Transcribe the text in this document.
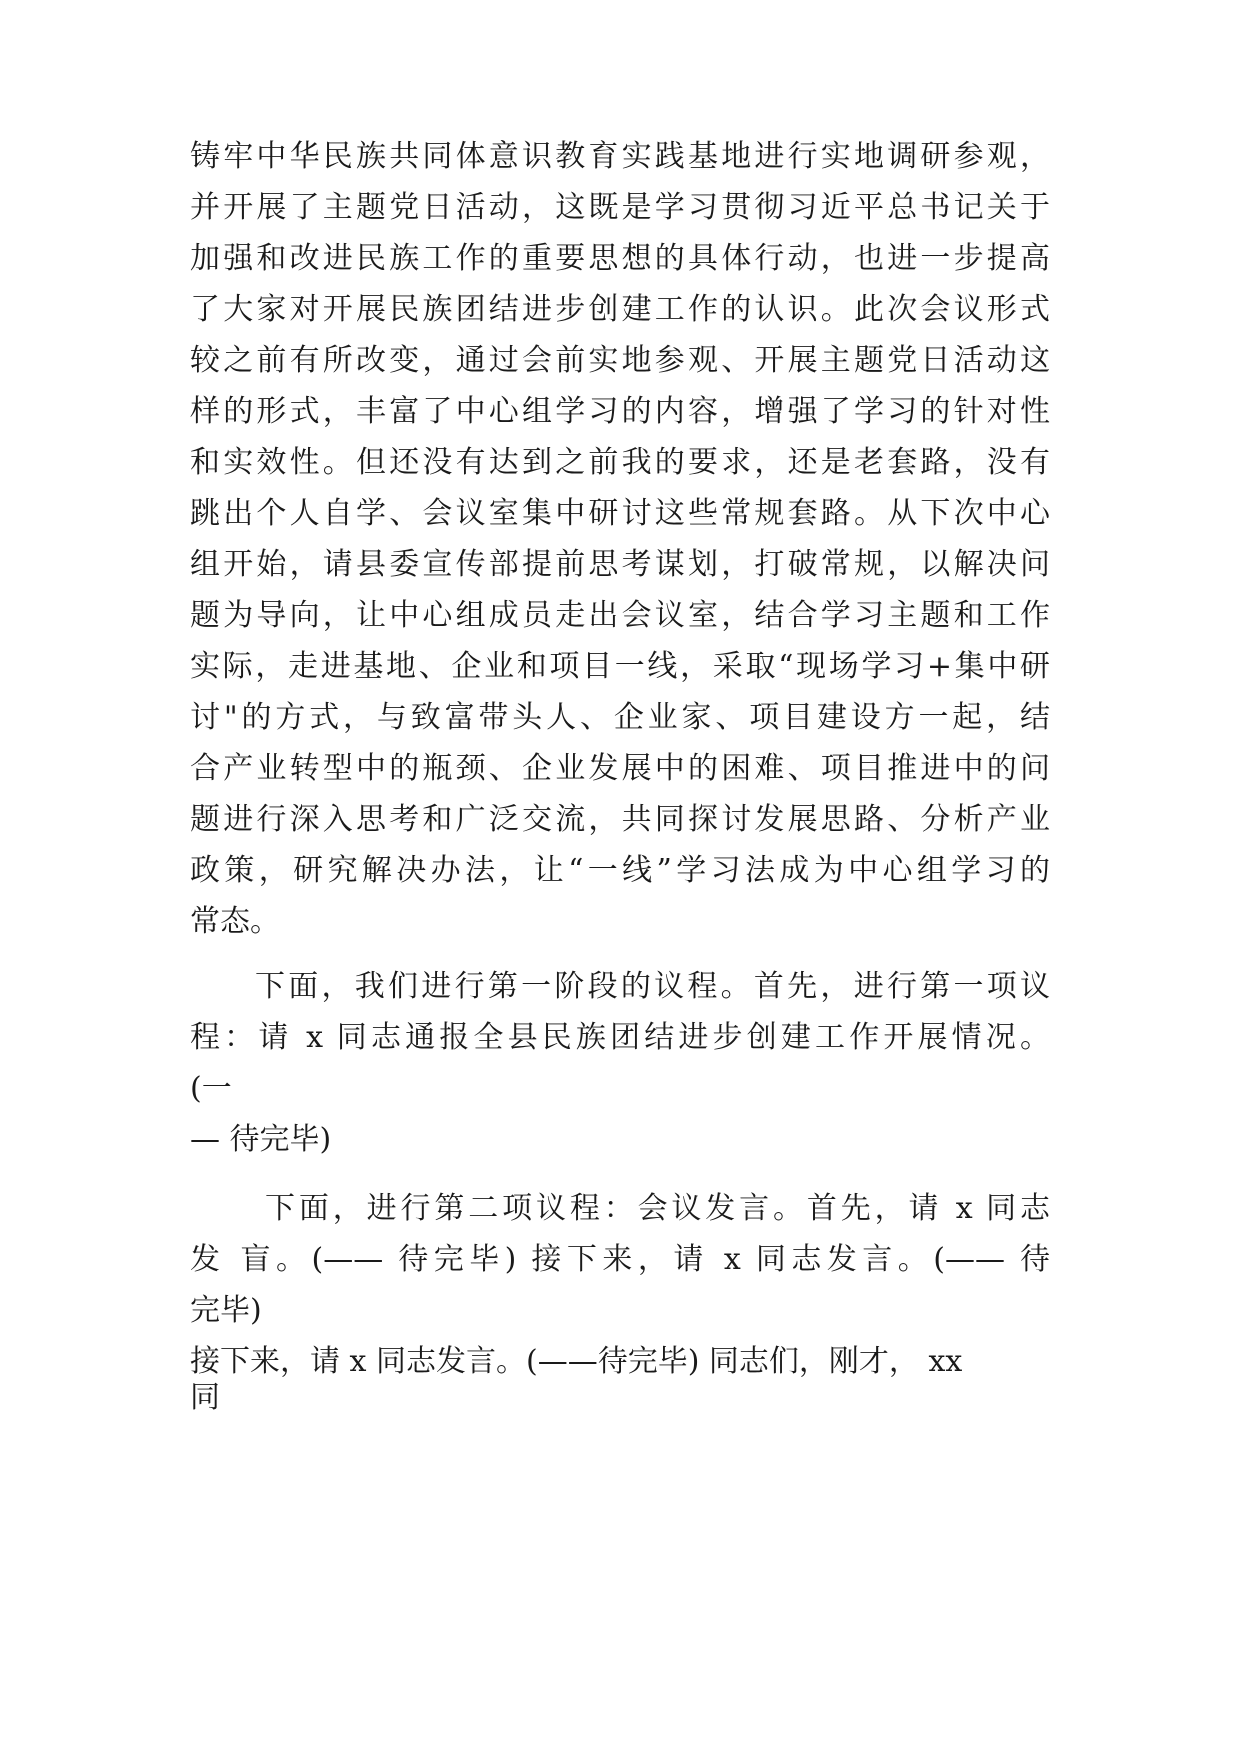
铸牢中华民族共同体意识教育实践基地进行实地调研参观，
并开展了主题党日活动，这既是学习贯彻习近平总书记关于
加强和改进民族工作的重要思想的具体行动，也进一步提高
了大家对开展民族团结进步创建工作的认识。此次会议形式
较之前有所改变，通过会前实地参观、开展主题党日活动这
样的形式，丰富了中心组学习的内容，增强了学习的针对性
和实效性。但还没有达到之前我的要求，还是老套路，没有
跳出个人自学、会议室集中研讨这些常规套路。从下次中心
组开始，请县委宣传部提前思考谋划，打破常规，以解决问
题为导向，让中心组成员走出会议室，结合学习主题和工作
实际，走进基地、企业和项目一线，采取“现场学习+集中研
讨"的方式，与致富带头人、企业家、项目建设方一起，结
合产业转型中的瓶颈、企业发展中的困难、项目推进中的问
题进行深入思考和广泛交流，共同探讨发展思路、分析产业
政策，研究解决办法，让“一线”学习法成为中心组学习的
常态。
下面，我们进行第一阶段的议程。首先，进行第一项议
程：请 x 同志通报全县民族团结进步创建工作开展情况。
(一
— 待完毕)
下面，进行第二项议程：会议发言。首先，请 x 同志
发 盲。(—— 待完毕) 接下来，请 x 同志发言。(—— 待
完毕)
接下来，请 x 同志发言。(——待完毕) 同志们，刚才， xx
同
